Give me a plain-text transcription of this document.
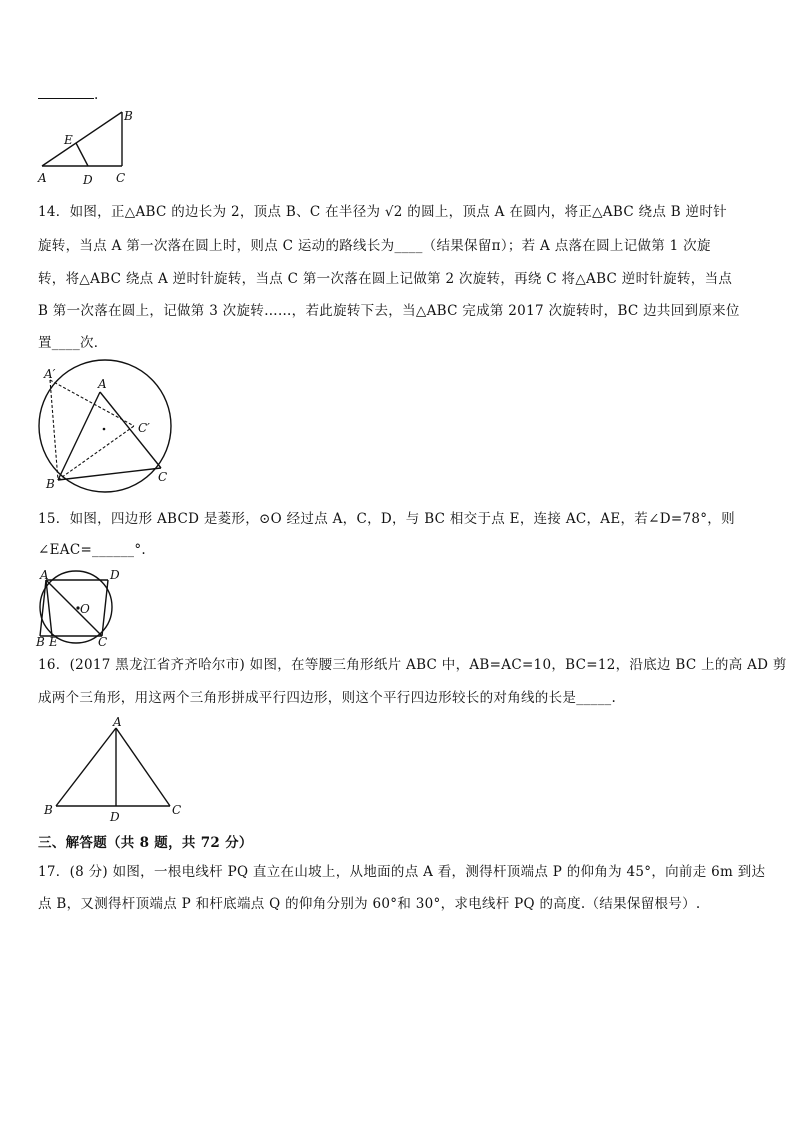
.
B
E
A	D C
14．如图，正△ABC 的边长为 2，顶点 B、C 在半径为 √2 的圆上，顶点 A 在圆内，将正△ABC 绕点 B 逆时针
旋转，当点 A 第一次落在圆上时，则点 C 运动的路线长为____（结果保留π）；若 A 点落在圆上记做第 1 次旋
转，将△ABC 绕点 A 逆时针旋转，当点 C 第一次落在圆上记做第 2 次旋转，再绕 C 将△ABC 逆时针旋转，当点
B 第一次落在圆上，记做第 3 次旋转……，若此旋转下去，当△ABC 完成第 2017 次旋转时，BC 边共回到原来位
置____次．
A′
A
C′
B	C
15．如图，四边形 ABCD 是菱形，⊙O 经过点 A，C，D，与 BC 相交于点 E，连接 AC，AE，若∠D=78°，则
∠EAC=______°.
A	D
O
B E	C
16．(2017 黑龙江省齐齐哈尔市) 如图，在等腰三角形纸片 ABC 中，AB=AC=10，BC=12，沿底边 BC 上的高 AD 剪
成两个三角形，用这两个三角形拼成平行四边形，则这个平行四边形较长的对角线的长是_____.
A
B	D	C
三、解答题（共 8 题，共 72 分）
17．(8 分) 如图，一根电线杆 PQ 直立在山坡上，从地面的点 A 看，测得杆顶端点 P 的仰角为 45°，向前走 6m 到达
点 B，又测得杆顶端点 P 和杆底端点 Q 的仰角分别为 60°和 30°，求电线杆 PQ 的高度.（结果保留根号）.
